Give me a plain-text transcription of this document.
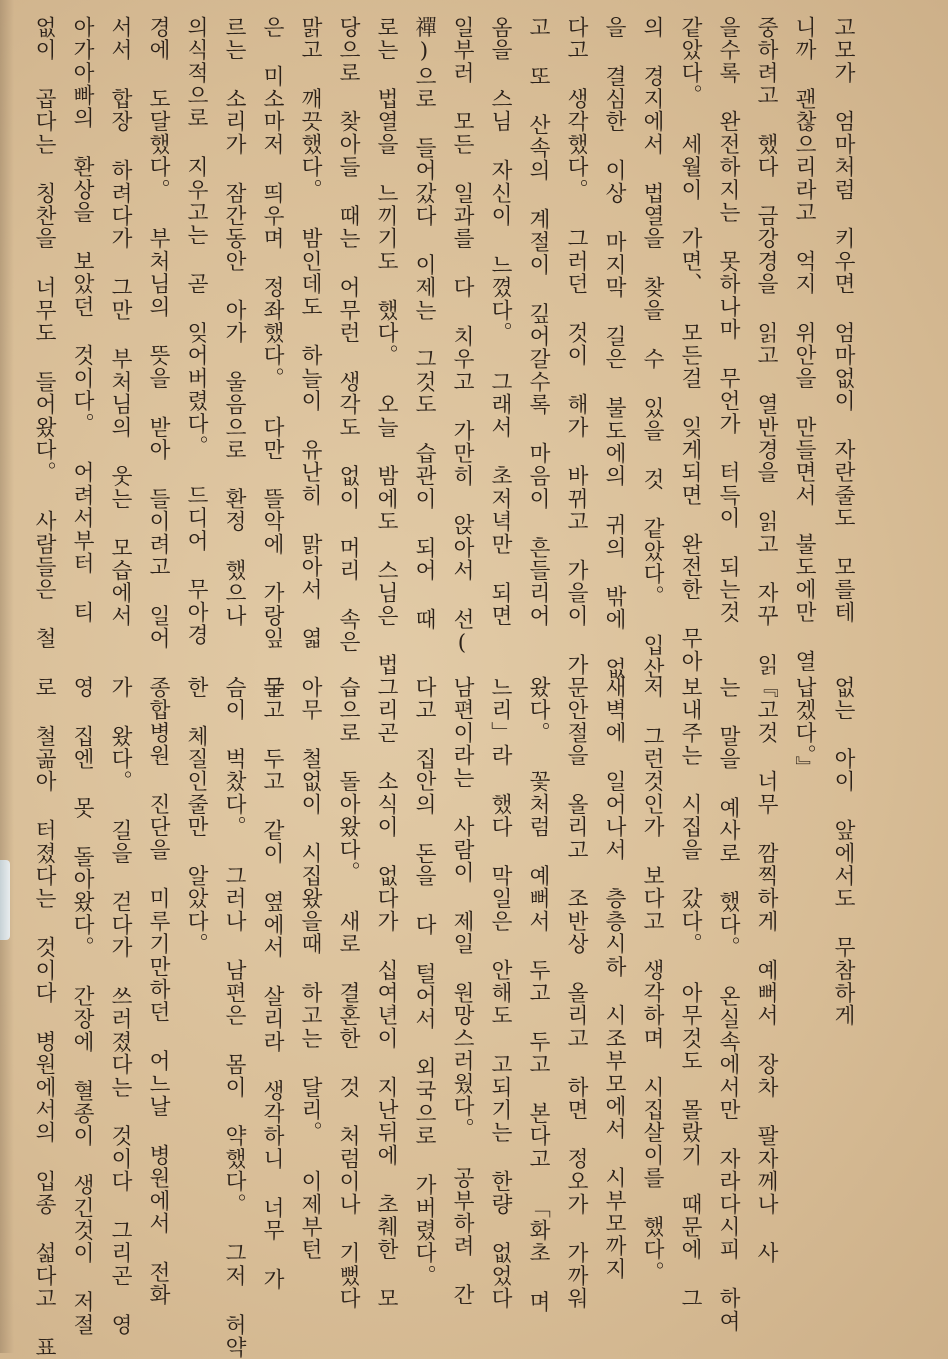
고모가 엄마처럼 키우면 엄마없이 자란줄도 모를테
니까 괜찮으리라고 억지 위안을 만들면서 불도에만 열
중하려고 했다 금강경을 읽고 열반경을 읽고 자꾸 읽
을수록 완전하지는 못하나마 무언가 터득이 되는것
같았다。 세월이 가면、 모든걸 잊게되면 완전한 무아
의 경지에서 법열을 찾을 수 있을 것 같았다。 입산
을 결심한 이상 마지막 길은 불도에의 귀의 밖에 없
다고 생각했다。 그러던 것이 해가 바뀌고 가을이 가
고 또 산속의 계절이 깊어갈수록 마음이 흔들리어
옴을 스님 자신이 느꼈다。 그래서 초저녁만 되면
일부러 모든 일과를 다 치우고 가만히 앉아서 선(
禪)으로 들어갔다 이제는 그것도 습관이 되어 때
로는 법열을 느끼기도 했다。 오늘 밤에도 스님은 법
당으로 찾아들 때는 어무런 생각도 없이 머리 속은
맑고 깨끗했다。 밤인데도 하늘이 유난히 맑아서 엷
은 미소마저 띄우며 정좌했다。 다만 뜰악에 가랑잎 굴
르는 소리가 잠간동안 아가 울음으로 환정 했으나
의식적으로 지우고는 곧 잊어버렸다。 드디어 무아경
경에 도달했다。 부처님의 뜻을 받아 들이려고 일어
서서 합장 하려다가 그만 부처님의 웃는 모습에서
아가아빠의 환상을 보았던 것이다。 어려서부터 티
없이 곱다는 칭찬을 너무도 들어왔다。 사람들은 철
없는 아이 앞에서도 무참하게
납겠다。』
『고것 너무 깜찍하게 예뻐서 장차 팔자께나 사
는 말을 예사로 했다。 온실속에서만 자라다시피 하여
보내주는 시집을 갔다。 아무것도 몰랐기 때문에 그
저 그런것인가 보다고 생각하며 시집살이를 했다。
새벽에 일어나서 층층시하 시조부모에서 시부모까지
문안절을 올리고 조반상 올리고 하면 정오가 가까워
왔다。 꽃처럼 예뻐서 두고 두고 본다고 「화초 며
느리」라 했다 막일은 안해도 고되기는 한량 없었다
남편이라는 사람이 제일 원망스러웠다。 공부하려 간
다고 집안의 돈을 다 털어서 외국으로 가버렸다。
그리곤 소식이 없다가 십여년이 지난뒤에 초췌한 모
습으로 돌아왔다。 새로 결혼한 것 처럼이나 기뻤다
아무 철없이 시집왔을때 하고는 달리。 이제부턴
두고 두고 같이 옆에서 살리라 생각하니 너무 가
슴이 벅찼다。 그러나 남편은 몸이 약했다。 그저 허약
한 체질인줄만 알았다。
종합병원 진단을 미루기만하던 어느날 병원에서 전화
가 왔다。 길을 걷다가 쓰러졌다는 것이다 그리곤 영
영 집엔 못 돌아왔다。 간장에 혈종이 생긴것이 저절
로 철곪아 터졌다는 것이다 병원에서의 입종 섧다고 표
